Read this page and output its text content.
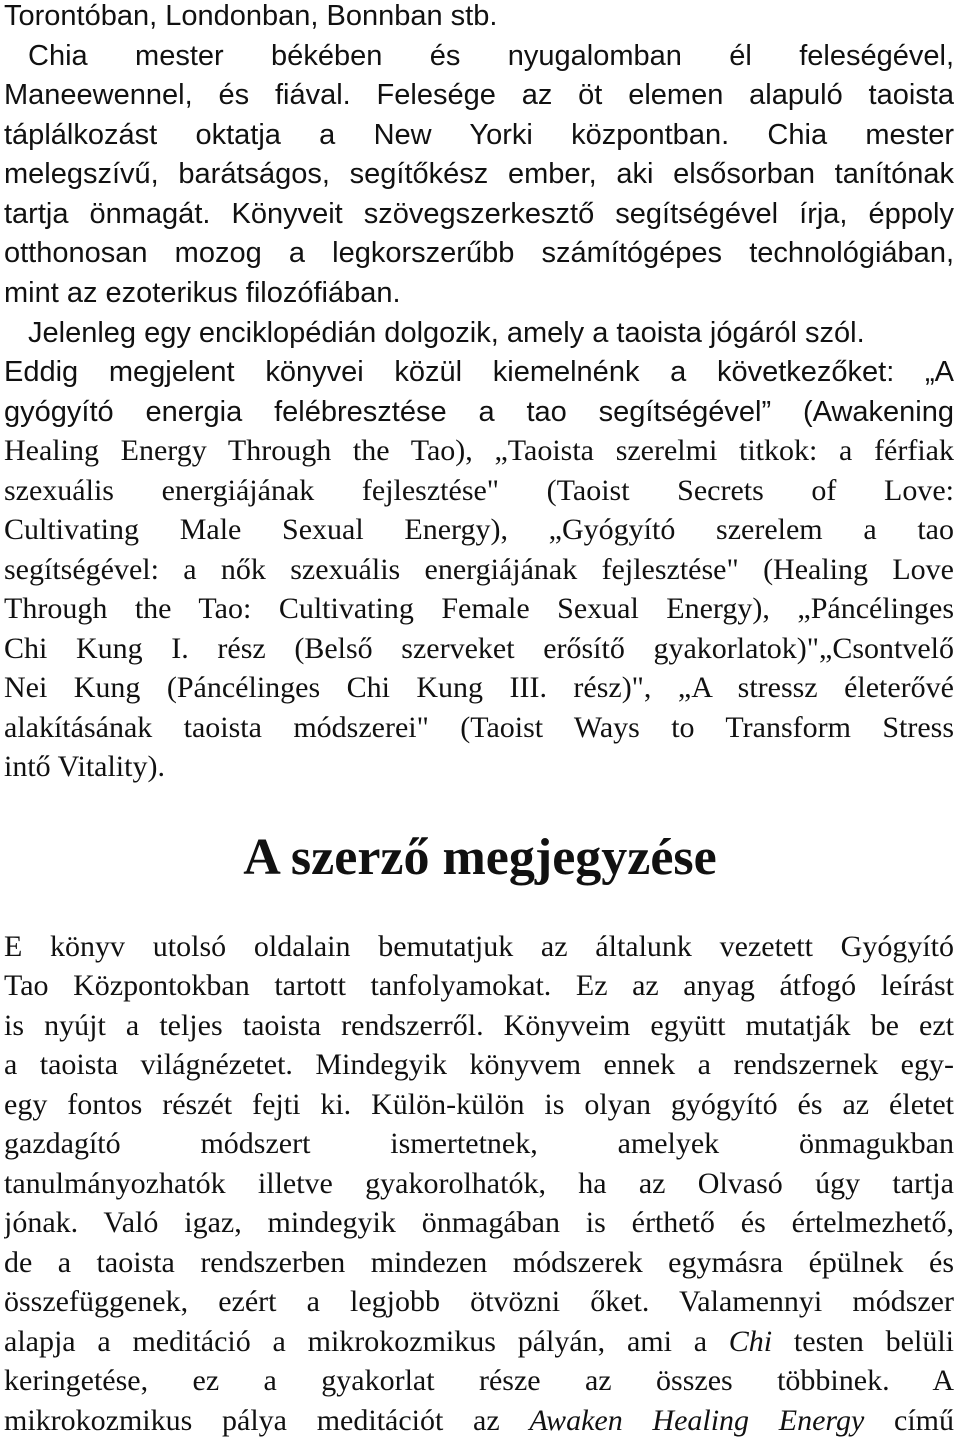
Torontóban, Londonban, Bonnban stb.
Chia mester békében és nyugalomban él feleségével,
Maneewennel, és fiával. Felesége az öt elemen alapuló taoista
táplálkozást oktatja a New Yorki központban. Chia mester
melegszívű, barátságos, segítőkész ember, aki elsősorban tanítónak
tartja önmagát. Könyveit szövegszerkesztő segítségével írja, éppoly
otthonosan mozog a legkorszerűbb számítógépes technológiában,
mint az ezoterikus filozófiában.
Jelenleg egy enciklopédián dolgozik, amely a taoista jógáról szól.
Eddig megjelent könyvei közül kiemelnénk a következőket: „A
gyógyító energia felébresztése a tao segítségével” (Awakening
Healing Energy Through the Tao), „Taoista szerelmi titkok: a férfiak
szexuális energiájának fejlesztése" (Taoist Secrets of Love:
Cultivating Male Sexual Energy), „Gyógyító szerelem a tao
segítségével: a nők szexuális energiájának fejlesztése" (Healing Love
Through the Tao: Cultivating Female Sexual Energy), „Páncélinges
Chi Kung I. rész (Belső szerveket erősítő gyakorlatok)"„Csontvelő
Nei Kung (Páncélinges Chi Kung III. rész)", „A stressz életerővé
alakításának taoista módszerei" (Taoist Ways to Transform Stress
intő Vitality).
A szerző megjegyzése
E könyv utolsó oldalain bemutatjuk az általunk vezetett Gyógyító
Tao Központokban tartott tanfolyamokat. Ez az anyag átfogó leírást
is nyújt a teljes taoista rendszerről. Könyveim együtt mutatják be ezt
a taoista világnézetet. Mindegyik könyvem ennek a rendszernek egy-
egy fontos részét fejti ki. Külön-külön is olyan gyógyító és az életet
gazdagító módszert ismertetnek, amelyek önmagukban
tanulmányozhatók illetve gyakorolhatók, ha az Olvasó úgy tartja
jónak. Való igaz, mindegyik önmagában is érthető és értelmezhető,
de a taoista rendszerben mindezen módszerek egymásra épülnek és
összefüggenek, ezért a legjobb ötvözni őket. Valamennyi módszer
alapja a meditáció a mikrokozmikus pályán, ami a Chi testen belüli
keringetése, ez a gyakorlat része az összes többinek. A
mikrokozmikus pálya meditációt az Awaken Healing Energy című
